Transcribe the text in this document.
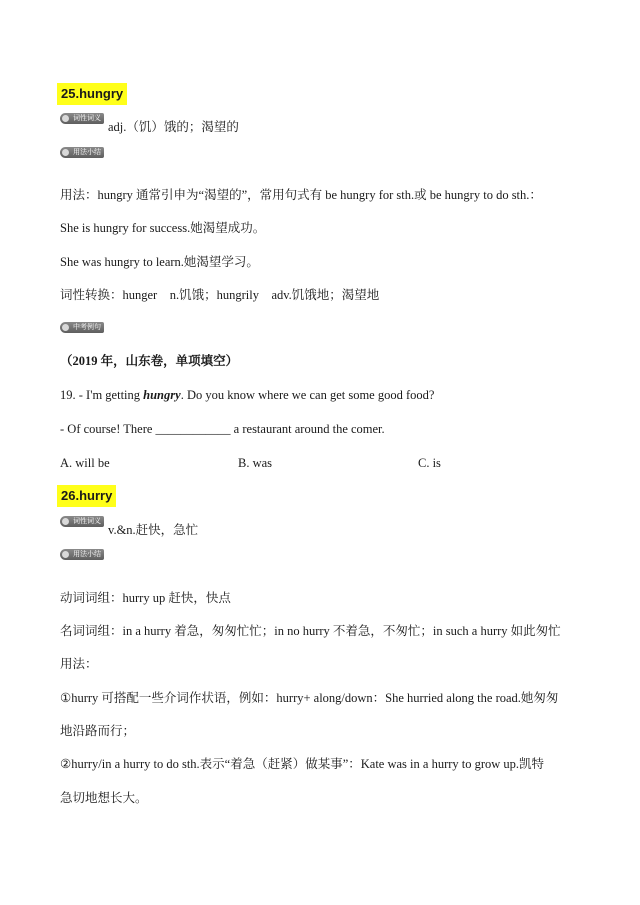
25.hungry
词性词义
adj.（饥）饿的；渴望的
用法小结
用法：hungry 通常引申为“渴望的”，常用句式有 be hungry for sth.或 be hungry to do sth.：
She is hungry for success.她渴望成功。
She was hungry to learn.她渴望学习。
词性转换：hunger　n.饥饿；hungrily　adv.饥饿地；渴望地
中考例句
（2019 年，山东卷，单项填空）
19. - I'm getting hungry. Do you know where we can get some good food?
- Of course! There ____________ a restaurant around the comer.
A. will be	B. was	C. is
26.hurry
词性词义
v.&n.赶快，急忙
用法小结
动词词组：hurry up 赶快，快点
名词词组：in a hurry 着急，匆匆忙忙；in no hurry 不着急，不匆忙；in such a hurry 如此匆忙
用法：
①hurry 可搭配一些介词作状语，例如：hurry+ along/down：She hurried along the road.她匆匆
地沿路而行；
②hurry/in a hurry to do sth.表示“着急（赶紧）做某事”：Kate was in a hurry to grow up.凯特
急切地想长大。
